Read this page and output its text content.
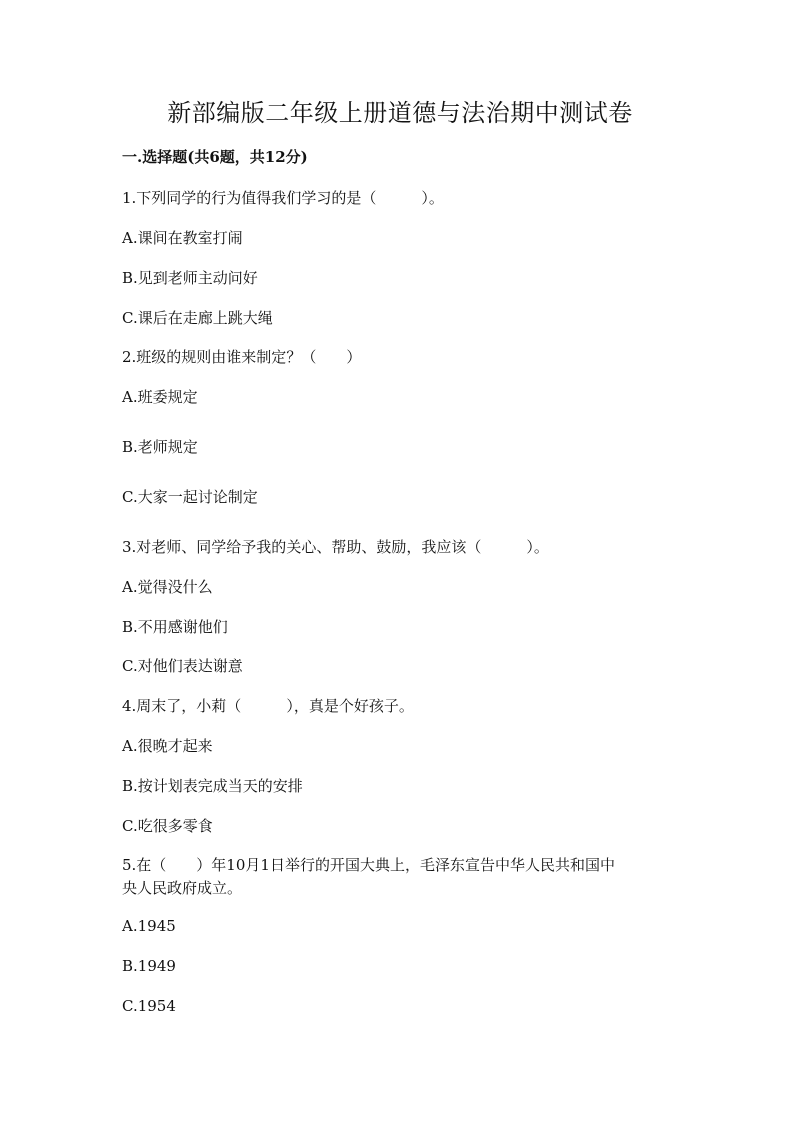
新部编版二年级上册道德与法治期中测试卷
一.选择题(共6题，共12分)
1.下列同学的行为值得我们学习的是（　　　）。
A.课间在教室打闹
B.见到老师主动问好
C.课后在走廊上跳大绳
2.班级的规则由谁来制定？（　　）
A.班委规定
B.老师规定
C.大家一起讨论制定
3.对老师、同学给予我的关心、帮助、鼓励，我应该（　　　）。
A.觉得没什么
B.不用感谢他们
C.对他们表达谢意
4.周末了，小莉（　　　），真是个好孩子。
A.很晚才起来
B.按计划表完成当天的安排
C.吃很多零食
5.在（　　）年10月1日举行的开国大典上，毛泽东宣告中华人民共和国中
央人民政府成立。
A.1945
B.1949
C.1954
